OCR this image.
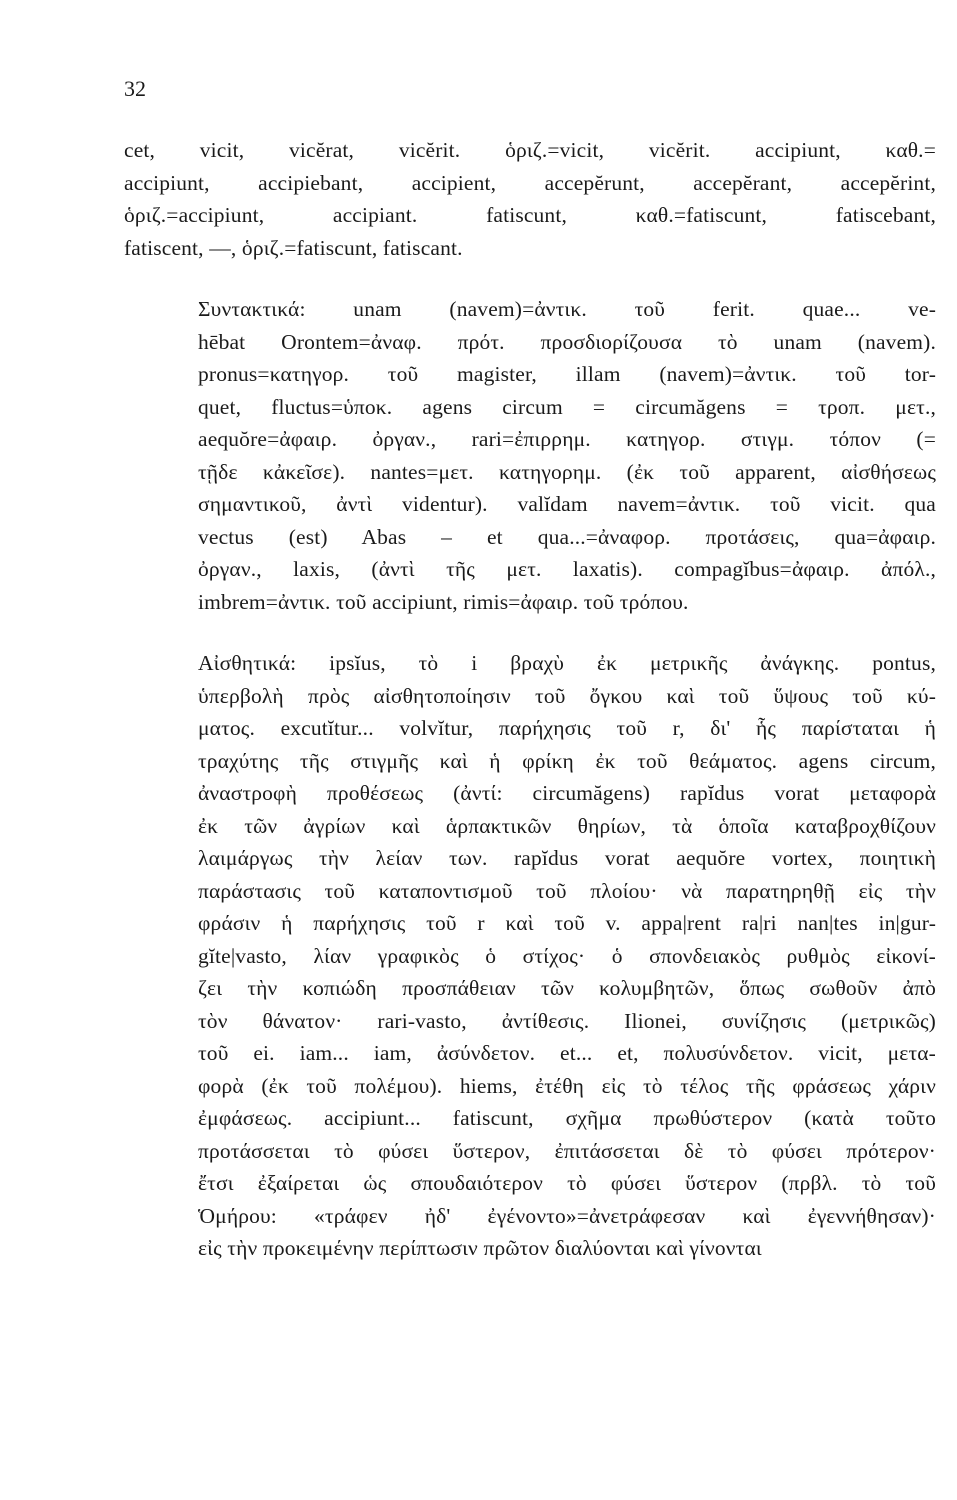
32
cet, vicit, vicĕrat, vicĕrit. ὁριζ.=vicit, vicĕrit. accipiunt, καθ.=
accipiunt, accipiebant, accipient, accepĕrunt, accepĕrant, accepĕrint,
ὁριζ.=accipiunt, accipiant. fatiscunt, καθ.=fatiscunt, fatiscebant,
fatiscent, —, ὁριζ.=fatiscunt, fatiscant.
Συντακτικά: unam (navem)=ἀντικ. τοῦ ferit. quae... ve-
hēbat Orontem=ἀναφ. πρότ. προσδιορίζουσα τὸ unam (navem).
pronus=κατηγορ. τοῦ magister, illam (navem)=ἀντικ. τοῦ tor-
quet, fluctus=ὑποκ. agens circum = circumăgens = τροπ. μετ.,
aequŏre=ἀφαιρ. ὀργαν., rari=ἐπιρρημ. κατηγορ. στιγμ. τόπον (=
τῇδε κἀκεῖσε). nantes=μετ. κατηγορημ. (ἐκ τοῦ apparent, αἰσθήσεως
σημαντικοῦ, ἀντὶ videntur). valĭdam navem=ἀντικ. τοῦ vicit. qua
vectus (est) Abas – et qua...=ἀναφορ. προτάσεις, qua=ἀφαιρ.
ὀργαν., laxis, (ἀντὶ τῆς μετ. laxatis). compagĭbus=ἀφαιρ. ἀπόλ.,
imbrem=ἀντικ. τοῦ accipiunt, rimis=ἀφαιρ. τοῦ τρόπου.
Αἰσθητικά: ipsĭus, τὸ i βραχὺ ἐκ μετρικῆς ἀνάγκης. pontus,
ὑπερβολὴ πρὸς αἰσθητοποίησιν τοῦ ὄγκου καὶ τοῦ ὕψους τοῦ κύ-
ματος. excutĭtur... volvĭtur, παρήχησις τοῦ r, δι' ἧς παρίσταται ἡ
τραχύτης τῆς στιγμῆς καὶ ἡ φρίκη ἐκ τοῦ θεάματος. agens circum,
ἀναστροφὴ προθέσεως (ἀντί: circumăgens) rapĭdus vorat μεταφορὰ
ἐκ τῶν ἀγρίων καὶ ἁρπακτικῶν θηρίων, τὰ ὁποῖα καταβροχθίζουν
λαιμάργως τὴν λείαν των. rapĭdus vorat aequŏre vortex, ποιητικὴ
παράστασις τοῦ καταποντισμοῦ τοῦ πλοίου· νὰ παρατηρηθῇ εἰς τὴν
φράσιν ἡ παρήχησις τοῦ r καὶ τοῦ v. appa|rent ra|ri nan|tes in|gur-
gĭte|vasto, λίαν γραφικὸς ὁ στίχος· ὁ σπονδειακὸς ρυθμὸς εἰκονί-
ζει τὴν κοπιώδη προσπάθειαν τῶν κολυμβητῶν, ὅπως σωθοῦν ἀπὸ
τὸν θάνατον· rari-vasto, ἀντίθεσις. Ilionei, συνίζησις (μετρικῶς)
τοῦ ei. iam... iam, ἀσύνδετον. et... et, πολυσύνδετον. vicit, μετα-
φορὰ (ἐκ τοῦ πολέμου). hiems, ἐτέθη εἰς τὸ τέλος τῆς φράσεως χάριν
ἐμφάσεως. accipiunt... fatiscunt, σχῆμα πρωθύστερον (κατὰ τοῦτο
προτάσσεται τὸ φύσει ὕστερον, ἐπιτάσσεται δὲ τὸ φύσει πρότερον·
ἔτσι ἐξαίρεται ὡς σπουδαιότερον τὸ φύσει ὕστερον (πρβλ. τὸ τοῦ
Ὁμήρου: «τράφεν ἠδ' ἐγένοντο»=ἀνετράφεσαν καὶ ἐγεννήθησαν)·
εἰς τὴν προκειμένην περίπτωσιν πρῶτον διαλύονται καὶ γίνονται
